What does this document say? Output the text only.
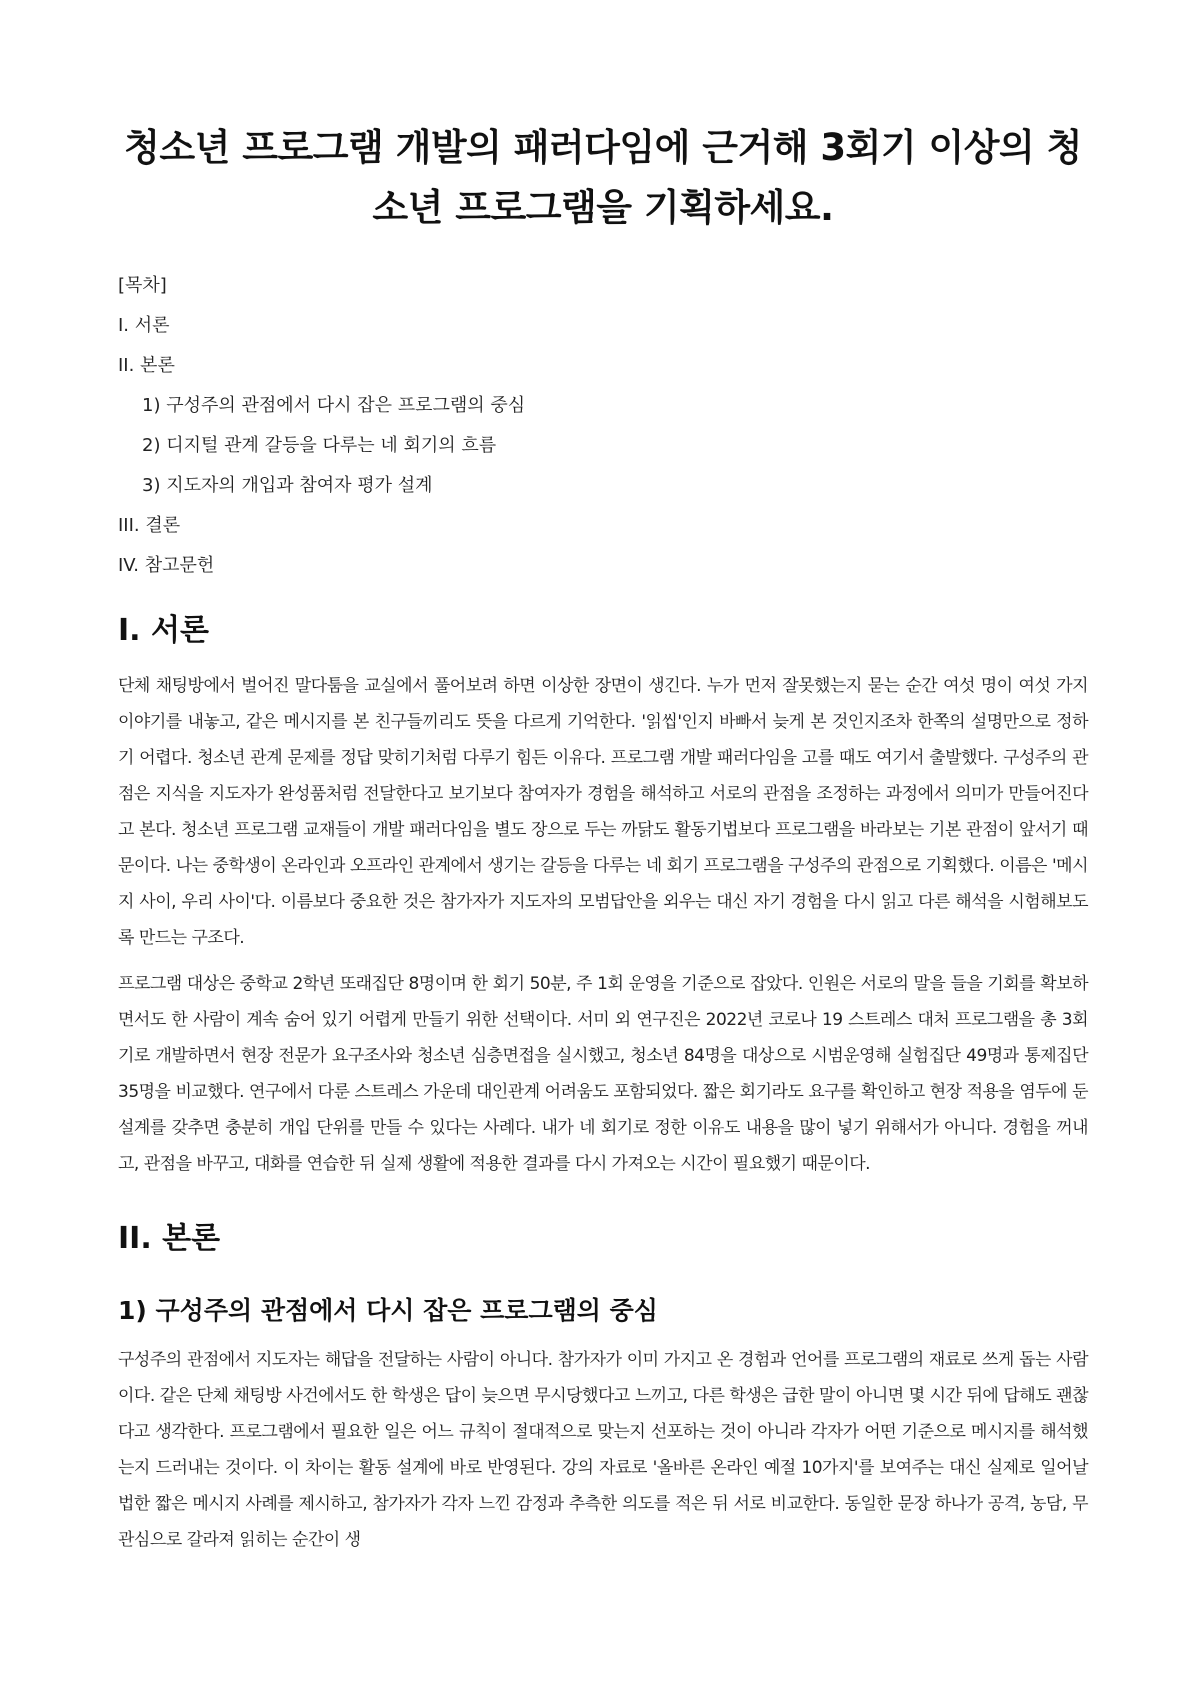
청소년 프로그램 개발의 패러다임에 근거해 3회기 이상의 청소년 프로그램을 기획하세요.
[목차]
I. 서론
II. 본론
1) 구성주의 관점에서 다시 잡은 프로그램의 중심
2) 디지털 관계 갈등을 다루는 네 회기의 흐름
3) 지도자의 개입과 참여자 평가 설계
III. 결론
IV. 참고문헌
I. 서론

단체 채팅방에서 벌어진 말다툼을 교실에서 풀어보려 하면 이상한 장면이 생긴다. 누가 먼저 잘못했는지 묻는 순간 여섯 명이 여섯 가지 이야기를 내놓고, 같은 메시지를 본 친구들끼리도 뜻을 다르게 기억한다. '읽씹'인지 바빠서 늦게 본 것인지조차 한쪽의 설명만으로 정하기 어렵다. 청소년 관계 문제를 정답 맞히기처럼 다루기 힘든 이유다. 프로그램 개발 패러다임을 고를 때도 여기서 출발했다. 구성주의 관점은 지식을 지도자가 완성품처럼 전달한다고 보기보다 참여자가 경험을 해석하고 서로의 관점을 조정하는 과정에서 의미가 만들어진다고 본다. 청소년 프로그램 교재들이 개발 패러다임을 별도 장으로 두는 까닭도 활동기법보다 프로그램을 바라보는 기본 관점이 앞서기 때문이다. 나는 중학생이 온라인과 오프라인 관계에서 생기는 갈등을 다루는 네 회기 프로그램을 구성주의 관점으로 기획했다. 이름은 '메시지 사이, 우리 사이'다. 이름보다 중요한 것은 참가자가 지도자의 모범답안을 외우는 대신 자기 경험을 다시 읽고 다른 해석을 시험해보도록 만드는 구조다.

프로그램 대상은 중학교 2학년 또래집단 8명이며 한 회기 50분, 주 1회 운영을 기준으로 잡았다. 인원은 서로의 말을 들을 기회를 확보하면서도 한 사람이 계속 숨어 있기 어렵게 만들기 위한 선택이다. 서미 외 연구진은 2022년 코로나 19 스트레스 대처 프로그램을 총 3회기로 개발하면서 현장 전문가 요구조사와 청소년 심층면접을 실시했고, 청소년 84명을 대상으로 시범운영해 실험집단 49명과 통제집단 35명을 비교했다. 연구에서 다룬 스트레스 가운데 대인관계 어려움도 포함되었다. 짧은 회기라도 요구를 확인하고 현장 적용을 염두에 둔 설계를 갖추면 충분히 개입 단위를 만들 수 있다는 사례다. 내가 네 회기로 정한 이유도 내용을 많이 넣기 위해서가 아니다. 경험을 꺼내고, 관점을 바꾸고, 대화를 연습한 뒤 실제 생활에 적용한 결과를 다시 가져오는 시간이 필요했기 때문이다.

II. 본론
1) 구성주의 관점에서 다시 잡은 프로그램의 중심

구성주의 관점에서 지도자는 해답을 전달하는 사람이 아니다. 참가자가 이미 가지고 온 경험과 언어를 프로그램의 재료로 쓰게 돕는 사람이다. 같은 단체 채팅방 사건에서도 한 학생은 답이 늦으면 무시당했다고 느끼고, 다른 학생은 급한 말이 아니면 몇 시간 뒤에 답해도 괜찮다고 생각한다. 프로그램에서 필요한 일은 어느 규칙이 절대적으로 맞는지 선포하는 것이 아니라 각자가 어떤 기준으로 메시지를 해석했는지 드러내는 것이다. 이 차이는 활동 설계에 바로 반영된다. 강의 자료로 '올바른 온라인 예절 10가지'를 보여주는 대신 실제로 일어날 법한 짧은 메시지 사례를 제시하고, 참가자가 각자 느낀 감정과 추측한 의도를 적은 뒤 서로 비교한다. 동일한 문장 하나가 공격, 농담, 무관심으로 갈라져 읽히는 순간이 생
